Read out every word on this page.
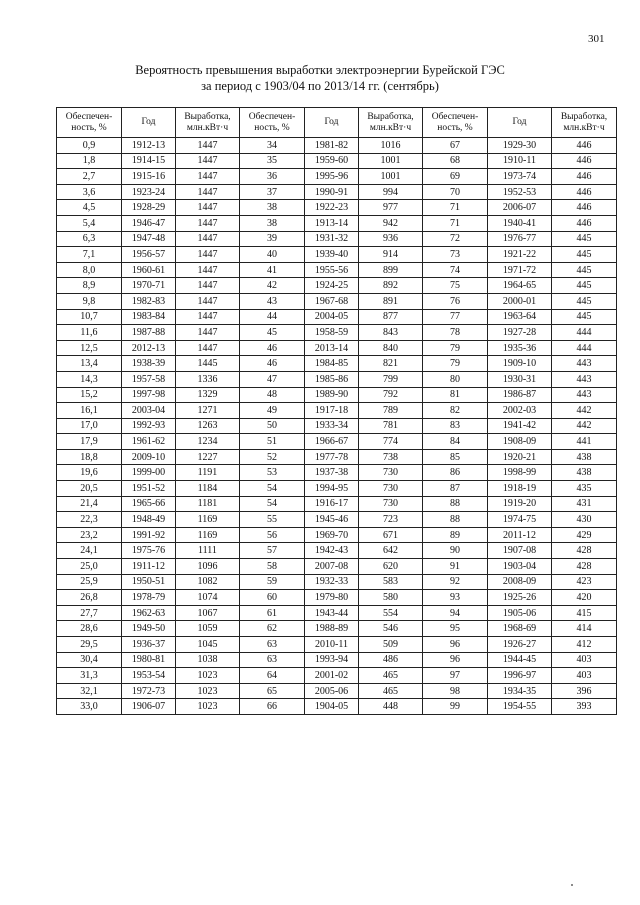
301
Вероятность превышения выработки электроэнергии Бурейской ГЭС
за период с 1903/04 по 2013/14 гг. (сентябрь)
Обеспечен-ность, %	Год	Выработка, млн.кВт·ч	Обеспечен-ность, %	Год	Выработка, млн.кВт·ч	Обеспечен-ность, %	Год	Выработка, млн.кВт·ч
0,9	1912-13	1447	34	1981-82	1016	67	1929-30	446
1,8	1914-15	1447	35	1959-60	1001	68	1910-11	446
2,7	1915-16	1447	36	1995-96	1001	69	1973-74	446
3,6	1923-24	1447	37	1990-91	994	70	1952-53	446
4,5	1928-29	1447	38	1922-23	977	71	2006-07	446
5,4	1946-47	1447	38	1913-14	942	71	1940-41	446
6,3	1947-48	1447	39	1931-32	936	72	1976-77	445
7,1	1956-57	1447	40	1939-40	914	73	1921-22	445
8,0	1960-61	1447	41	1955-56	899	74	1971-72	445
8,9	1970-71	1447	42	1924-25	892	75	1964-65	445
9,8	1982-83	1447	43	1967-68	891	76	2000-01	445
10,7	1983-84	1447	44	2004-05	877	77	1963-64	445
11,6	1987-88	1447	45	1958-59	843	78	1927-28	444
12,5	2012-13	1447	46	2013-14	840	79	1935-36	444
13,4	1938-39	1445	46	1984-85	821	79	1909-10	443
14,3	1957-58	1336	47	1985-86	799	80	1930-31	443
15,2	1997-98	1329	48	1989-90	792	81	1986-87	443
16,1	2003-04	1271	49	1917-18	789	82	2002-03	442
17,0	1992-93	1263	50	1933-34	781	83	1941-42	442
17,9	1961-62	1234	51	1966-67	774	84	1908-09	441
18,8	2009-10	1227	52	1977-78	738	85	1920-21	438
19,6	1999-00	1191	53	1937-38	730	86	1998-99	438
20,5	1951-52	1184	54	1994-95	730	87	1918-19	435
21,4	1965-66	1181	54	1916-17	730	88	1919-20	431
22,3	1948-49	1169	55	1945-46	723	88	1974-75	430
23,2	1991-92	1169	56	1969-70	671	89	2011-12	429
24,1	1975-76	1111	57	1942-43	642	90	1907-08	428
25,0	1911-12	1096	58	2007-08	620	91	1903-04	428
25,9	1950-51	1082	59	1932-33	583	92	2008-09	423
26,8	1978-79	1074	60	1979-80	580	93	1925-26	420
27,7	1962-63	1067	61	1943-44	554	94	1905-06	415
28,6	1949-50	1059	62	1988-89	546	95	1968-69	414
29,5	1936-37	1045	63	2010-11	509	96	1926-27	412
30,4	1980-81	1038	63	1993-94	486	96	1944-45	403
31,3	1953-54	1023	64	2001-02	465	97	1996-97	403
32,1	1972-73	1023	65	2005-06	465	98	1934-35	396
33,0	1906-07	1023	66	1904-05	448	99	1954-55	393
